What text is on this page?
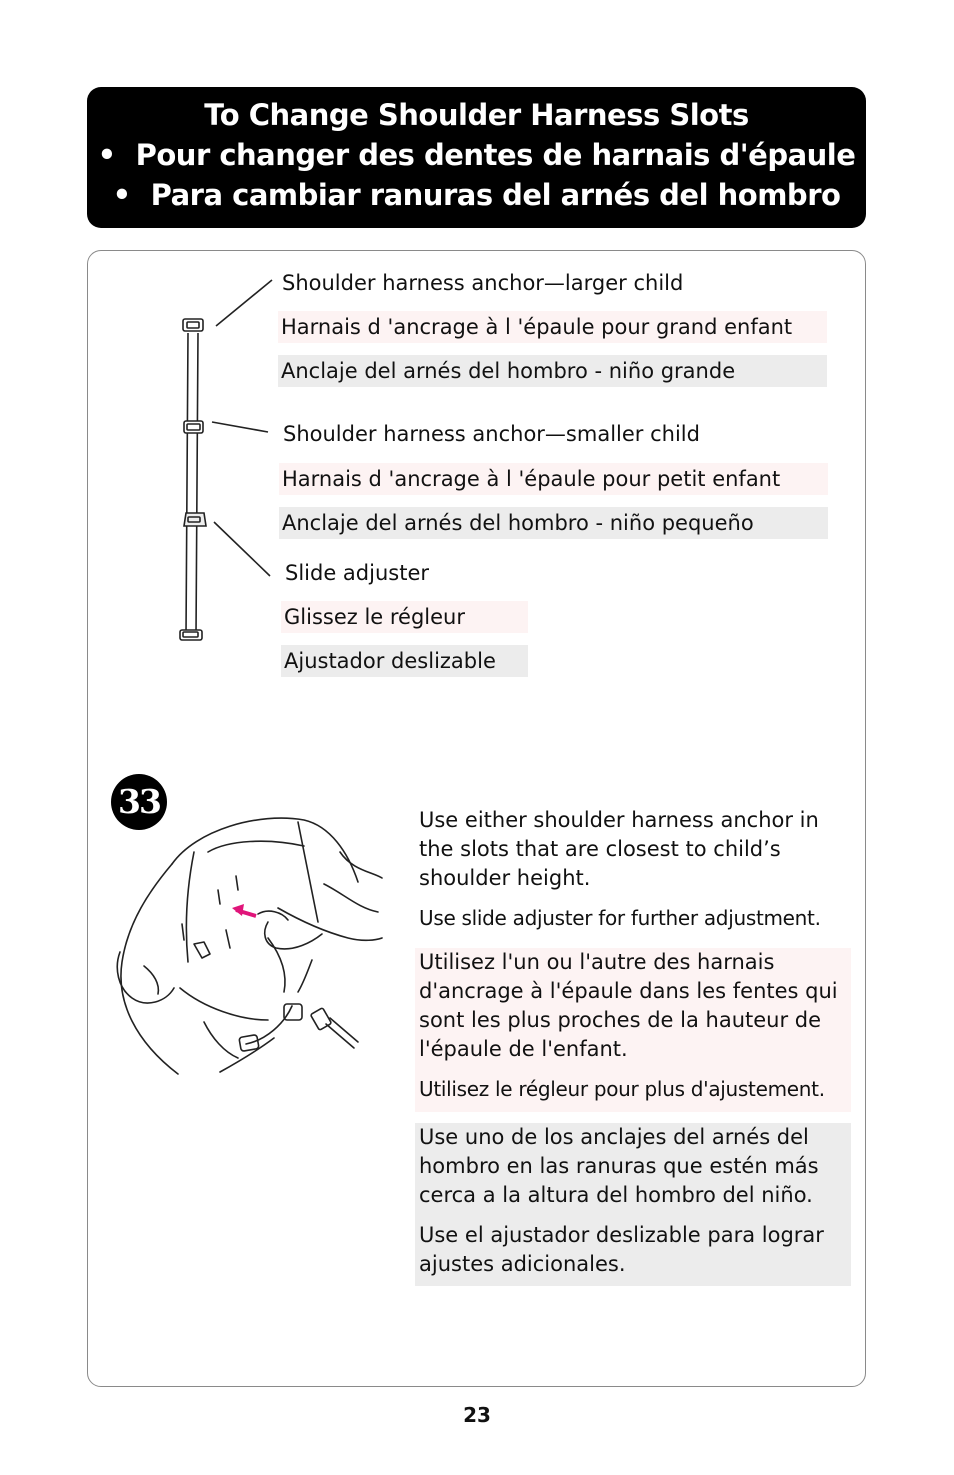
To Change Shoulder Harness Slots
• Pour changer des dentes de harnais d'épaule
• Para cambiar ranuras del arnés del hombro
Shoulder harness anchor—larger child
Harnais d 'ancrage à l 'épaule pour grand enfant
Anclaje del arnés del hombro - niño grande
Shoulder harness anchor—smaller child
Harnais d 'ancrage à l 'épaule pour petit enfant
Anclaje del arnés del hombro - niño pequeño
Slide adjuster
Glissez le régleur
Ajustador deslizable
33	Use either shoulder harness anchor in the slots that are closest to child’s shoulder height.

Use slide adjuster for further adjustment.

Utilisez l'un ou l'autre des harnais d'ancrage à l'épaule dans les fentes qui sont les plus proches de la hauteur de l'épaule de l'enfant.

Utilisez le régleur pour plus d'ajustement.

Use uno de los anclajes del arnés del hombro en las ranuras que estén más cerca a la altura del hombro del niño.

Use el ajustador deslizable para lograr ajustes adicionales.

23
